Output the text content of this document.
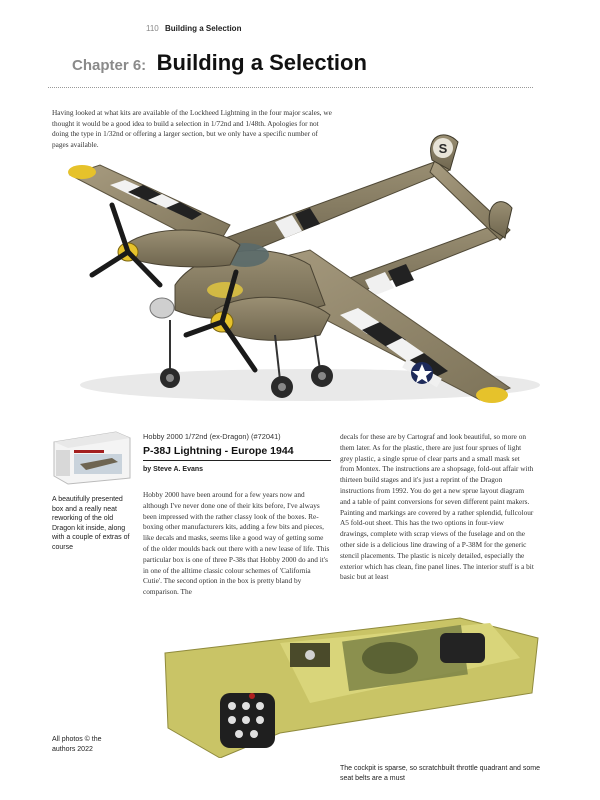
110 Building a Selection
Chapter 6: Building a Selection

Having looked at what kits are available of the Lockheed Lightning in the four major scales, we thought it would be a good idea to build a selection in 1/72nd and 1/48th. Apologies for not doing the type in 1/32nd or offering a larger section, but we only have a specific number of pages available.	S
A beautifully presented box and a really neat reworking of the old Dragon kit inside, along with a couple of extras of course
Hobby 2000 1/72nd (ex-Dragon) (#72041)
P-38J Lightning - Europe 1944
by Steve A. Evans
Hobby 2000 have been around for a few years now and although I've never done one of their kits before, I've always been impressed with the rather classy look of the boxes. Re-boxing other manufacturers kits, adding a few bits and pieces, like decals and masks, seems like a good way of getting some of the older moulds back out there with a new lease of life. This particular box is one of three P-38s that Hobby 2000 do and it's in one of the alltime classic colour schemes of 'California Cutie'. The second option in the box is pretty bland by comparison. The
decals for these are by Cartograf and look beautiful, so more on them later. As for the plastic, there are just four sprues of light grey plastic, a single sprue of clear parts and a small mask set from Montex. The instructions are a shopsage, fold-out affair with thirteen build stages and it's just a reprint of the Dragon instructions from 1992. You do get a new sprue layout diagram and a table of paint conversions for seven different paint makers. Painting and markings are covered by a rather splendid, fullcolour A5 fold-out sheet. This has the two options in four-view drawings, complete with scrap views of the fuselage and on the other side is a delicious line drawing of a P-38M for the generic stencil placements. The plastic is nicely detailed, especially the exterior which has clean, fine panel lines. The interior stuff is a bit basic but at least
All photos © the authors 2022
The cockpit is sparse, so scratchbuilt throttle quadrant and some seat belts are a must
